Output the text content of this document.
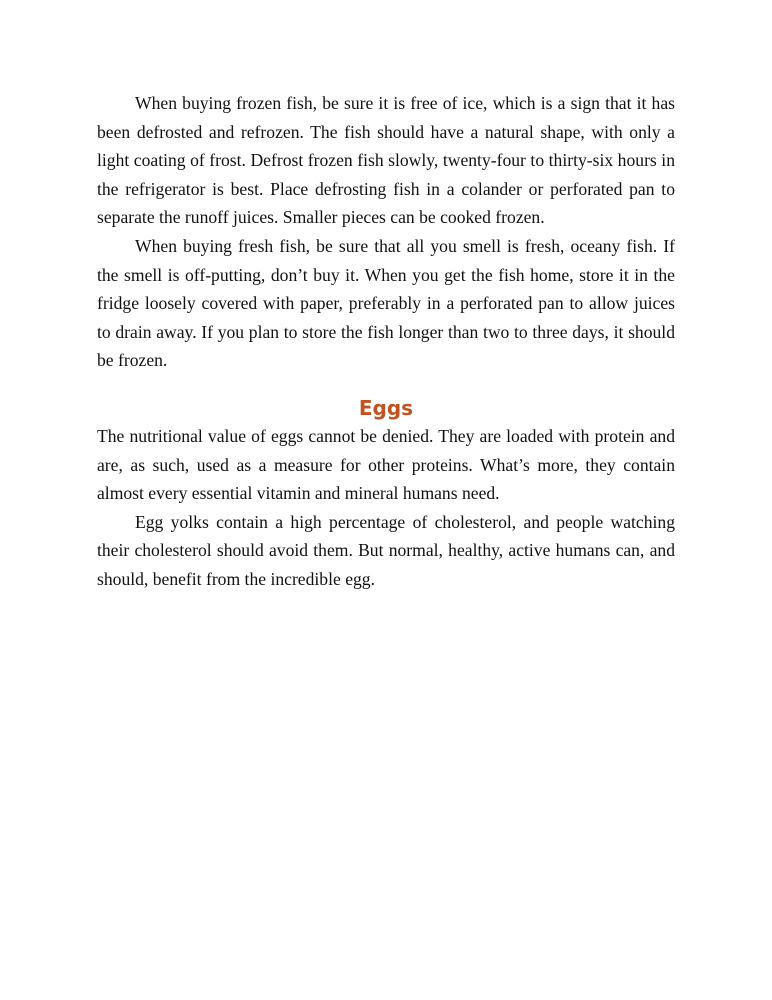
When buying frozen fish, be sure it is free of ice, which is a sign that it has been defrosted and refrozen. The fish should have a natural shape, with only a light coating of frost. Defrost frozen fish slowly, twenty-four to thirty-six hours in the refrigerator is best. Place defrosting fish in a colander or perforated pan to separate the runoff juices. Smaller pieces can be cooked frozen.

When buying fresh fish, be sure that all you smell is fresh, oceany fish. If the smell is off-putting, don’t buy it. When you get the fish home, store it in the fridge loosely covered with paper, preferably in a perforated pan to allow juices to drain away. If you plan to store the fish longer than two to three days, it should be frozen.

Eggs

The nutritional value of eggs cannot be denied. They are loaded with protein and are, as such, used as a measure for other proteins. What’s more, they contain almost every essential vitamin and mineral humans need.

Egg yolks contain a high percentage of cholesterol, and people watching their cholesterol should avoid them. But normal, healthy, active humans can, and should, benefit from the incredible egg.
